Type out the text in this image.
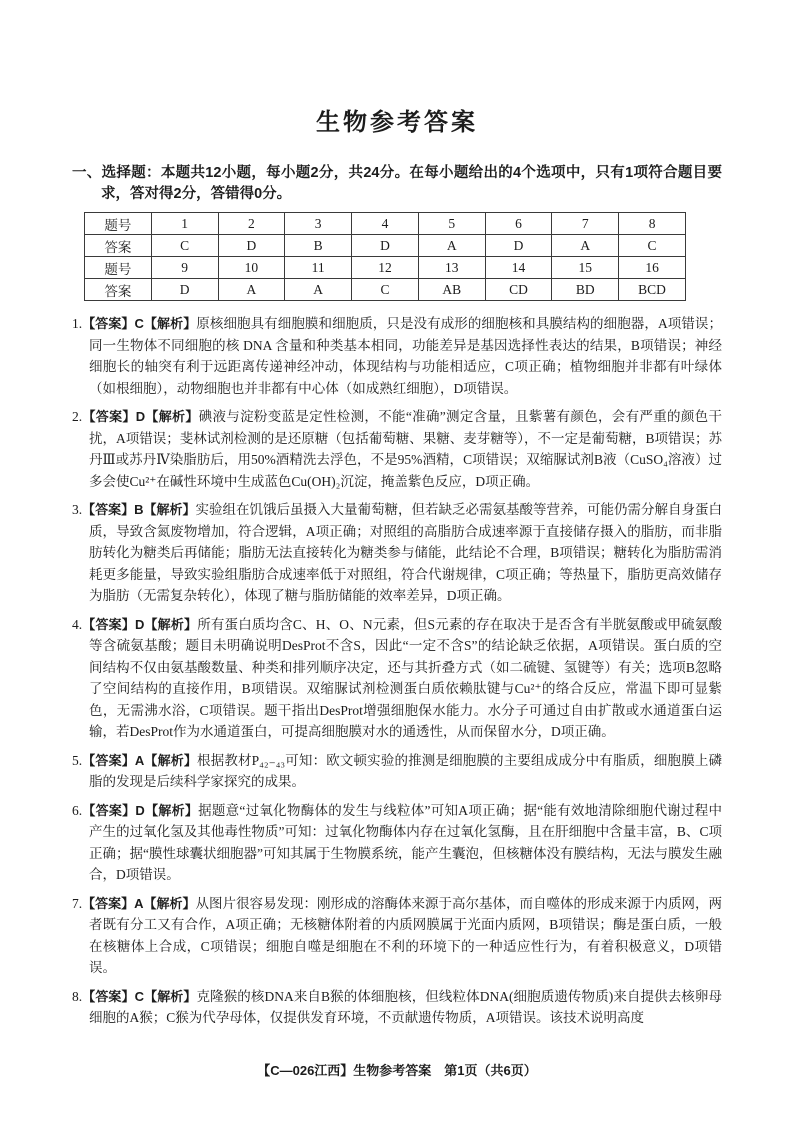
生物参考答案

一、选择题：本题共12小题，每小题2分，共24分。在每小题给出的4个选项中，只有1项符合题目要求，答对得2分，答错得0分。

题号	1	2	3	4	5	6	7	8
答案	C	D	B	D	A	D	A	C
题号	9	10	11	12	13	14	15	16
答案	D	A	A	C	AB	CD	BD	BCD

1.【答案】C【解析】原核细胞具有细胞膜和细胞质，只是没有成形的细胞核和具膜结构的细胞器，A项错误；同一生物体不同细胞的核 DNA 含量和种类基本相同，功能差异是基因选择性表达的结果，B项错误；神经细胞长的轴突有利于远距离传递神经冲动，体现结构与功能相适应，C项正确；植物细胞并非都有叶绿体（如根细胞），动物细胞也并非都有中心体（如成熟红细胞），D项错误。

2.【答案】D【解析】碘液与淀粉变蓝是定性检测，不能“准确”测定含量，且紫薯有颜色，会有严重的颜色干扰，A项错误；斐林试剂检测的是还原糖（包括葡萄糖、果糖、麦芽糖等），不一定是葡萄糖，B项错误；苏丹Ⅲ或苏丹Ⅳ染脂肪后，用50%酒精洗去浮色，不是95%酒精，C项错误；双缩脲试剂B液（CuSO₄溶液）过多会使Cu²⁺在碱性环境中生成蓝色Cu(OH)₂沉淀，掩盖紫色反应，D项正确。

3.【答案】B【解析】实验组在饥饿后虽摄入大量葡萄糖，但若缺乏必需氨基酸等营养，可能仍需分解自身蛋白质，导致含氮废物增加，符合逻辑，A项正确；对照组的高脂肪合成速率源于直接储存摄入的脂肪，而非脂肪转化为糖类后再储能；脂肪无法直接转化为糖类参与储能，此结论不合理，B项错误；糖转化为脂肪需消耗更多能量，导致实验组脂肪合成速率低于对照组，符合代谢规律，C项正确；等热量下，脂肪更高效储存为脂肪（无需复杂转化），体现了糖与脂肪储能的效率差异，D项正确。

4.【答案】D【解析】所有蛋白质均含C、H、O、N元素，但S元素的存在取决于是否含有半胱氨酸或甲硫氨酸等含硫氨基酸；题目未明确说明DesProt不含S，因此“一定不含S”的结论缺乏依据，A项错误。蛋白质的空间结构不仅由氨基酸数量、种类和排列顺序决定，还与其折叠方式（如二硫键、氢键等）有关；选项B忽略了空间结构的直接作用，B项错误。双缩脲试剂检测蛋白质依赖肽键与Cu²⁺的络合反应，常温下即可显紫色，无需沸水浴，C项错误。题干指出DesProt增强细胞保水能力。水分子可通过自由扩散或水通道蛋白运输，若DesProt作为水通道蛋白，可提高细胞膜对水的通透性，从而保留水分，D项正确。

5.【答案】A【解析】根据教材P₄₂₋₄₃可知：欧文顿实验的推测是细胞膜的主要组成成分中有脂质，细胞膜上磷脂的发现是后续科学家探究的成果。

6.【答案】D【解析】据题意“过氧化物酶体的发生与线粒体”可知A项正确；据“能有效地清除细胞代谢过程中产生的过氧化氢及其他毒性物质”可知：过氧化物酶体内存在过氧化氢酶，且在肝细胞中含量丰富，B、C项正确；据“膜性球囊状细胞器”可知其属于生物膜系统，能产生囊泡，但核糖体没有膜结构，无法与膜发生融合，D项错误。

7.【答案】A【解析】从图片很容易发现：刚形成的溶酶体来源于高尔基体，而自噬体的形成来源于内质网，两者既有分工又有合作，A项正确；无核糖体附着的内质网膜属于光面内质网，B项错误；酶是蛋白质，一般在核糖体上合成，C项错误；细胞自噬是细胞在不利的环境下的一种适应性行为，有着积极意义，D项错误。

8.【答案】C【解析】克隆猴的核DNA来自B猴的体细胞核，但线粒体DNA(细胞质遗传物质)来自提供去核卵母细胞的A猴；C猴为代孕母体，仅提供发育环境，不贡献遗传物质，A项错误。该技术说明高度

【C—026江西】生物参考答案　第1页（共6页）
